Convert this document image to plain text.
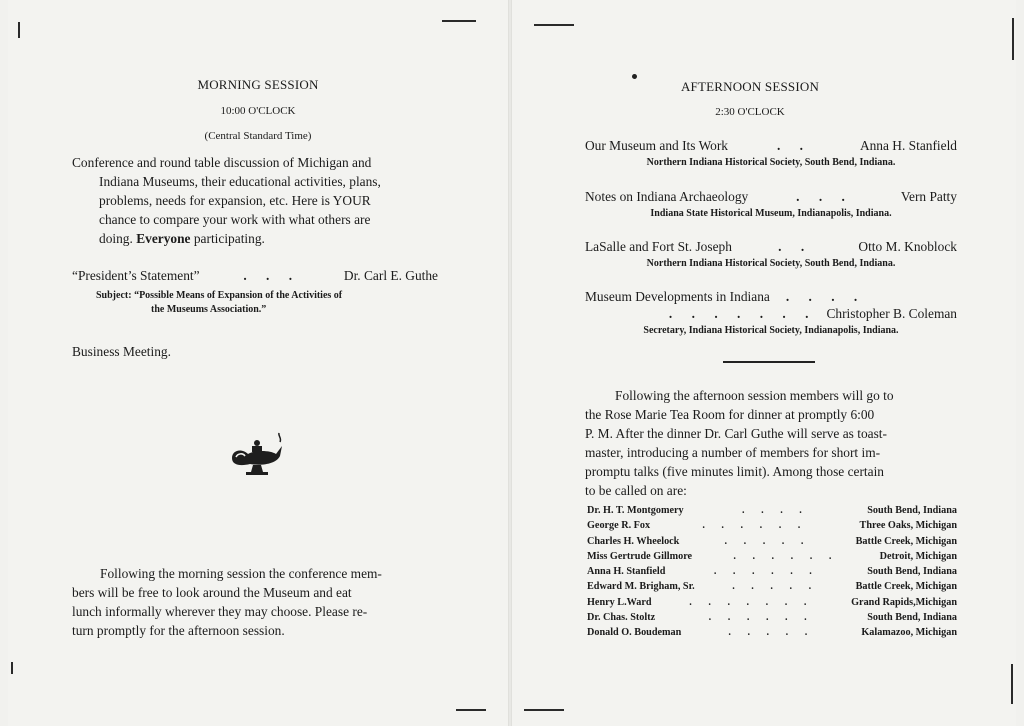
MORNING SESSION
10:00 O'CLOCK
(Central Standard Time)
Conference and round table discussion of Michigan and
Indiana Museums, their educational activities, plans,
problems, needs for expansion, etc. Here is YOUR
chance to compare your work with what others are
doing. Everyone participating.
“President’s Statement”	. . .	Dr. Carl E. Guthe
Subject: “Possible Means of Expansion of the Activities of
the Museums Association.”
Business Meeting.
Following the morning session the conference mem-
bers will be free to look around the Museum and eat
lunch informally wherever they may choose. Please re-
turn promptly for the afternoon session.
AFTERNOON SESSION
2:30 O'CLOCK
Our Museum and Its Work	. .	Anna H. Stanfield
Northern Indiana Historical Society, South Bend, Indiana.
Notes on Indiana Archaeology	. . .	Vern Patty
Indiana State Historical Museum, Indianapolis, Indiana.
LaSalle and Fort St. Joseph	. .	Otto M. Knoblock
Northern Indiana Historical Society, South Bend, Indiana.
Museum Developments in Indiana . . . .
. . . . . . . Christopher B. Coleman
Secretary, Indiana Historical Society, Indianapolis, Indiana.
Following the afternoon session members will go to
the Rose Marie Tea Room for dinner at promptly 6:00
P. M. After the dinner Dr. Carl Guthe will serve as toast-
master, introducing a number of members for short im-
promptu talks (five minutes limit). Among those certain
to be called on are:
Dr. H. T. Montgomery	. . . .	South Bend, Indiana
George R. Fox	. . . . . .	Three Oaks, Michigan
Charles H. Wheelock	. . . . .	Battle Creek, Michigan
Miss Gertrude Gillmore	. . . . . .	Detroit, Michigan
Anna H. Stanfield	. . . . . .	South Bend, Indiana
Edward M. Brigham, Sr.	. . . . .	Battle Creek, Michigan
Henry L.Ward	. . . . . . .	Grand Rapids,Michigan
Dr. Chas. Stoltz	. . . . . .	South Bend, Indiana
Donald O. Boudeman	. . . . .	Kalamazoo, Michigan
